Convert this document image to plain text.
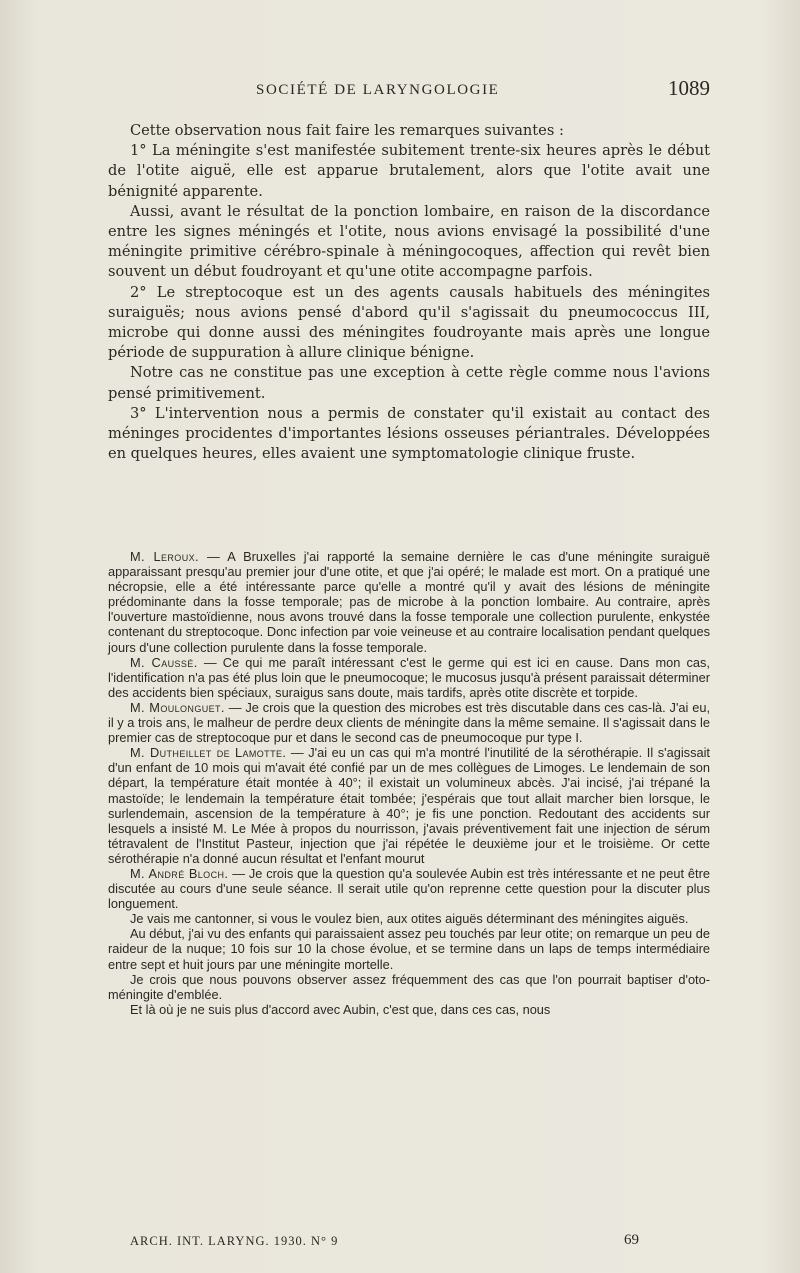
SOCIÉTÉ DE LARYNGOLOGIE	1089

Cette observation nous fait faire les remarques suivantes :

1° La méningite s'est manifestée subitement trente-six heures après le début de l'otite aiguë, elle est apparue brutalement, alors que l'otite avait une bénignité apparente.

Aussi, avant le résultat de la ponction lombaire, en raison de la discordance entre les signes méningés et l'otite, nous avions envisagé la possibilité d'une méningite primitive cérébro-spinale à méningocoques, affection qui revêt bien souvent un début foudroyant et qu'une otite accompagne parfois.

2° Le streptocoque est un des agents causals habituels des méningites suraiguës; nous avions pensé d'abord qu'il s'agissait du pneumococcus III, microbe qui donne aussi des méningites foudroyante mais après une longue période de suppuration à allure clinique bénigne.

Notre cas ne constitue pas une exception à cette règle comme nous l'avions pensé primitivement.

3° L'intervention nous a permis de constater qu'il existait au contact des méninges procidentes d'importantes lésions osseuses périantrales. Développées en quelques heures, elles avaient une symptomatologie clinique fruste.

M. Leroux. — A Bruxelles j'ai rapporté la semaine dernière le cas d'une méningite suraiguë apparaissant presqu'au premier jour d'une otite, et que j'ai opéré; le malade est mort. On a pratiqué une nécropsie, elle a été intéressante parce qu'elle a montré qu'il y avait des lésions de méningite prédominante dans la fosse temporale; pas de microbe à la ponction lombaire. Au contraire, après l'ouverture mastoïdienne, nous avons trouvé dans la fosse temporale une collection purulente, enkystée contenant du streptocoque. Donc infection par voie veineuse et au contraire localisation pendant quelques jours d'une collection purulente dans la fosse temporale.

M. Caussé. — Ce qui me paraît intéressant c'est le germe qui est ici en cause. Dans mon cas, l'identification n'a pas été plus loin que le pneumocoque; le mucosus jusqu'à présent paraissait déterminer des accidents bien spéciaux, suraigus sans doute, mais tardifs, après otite discrète et torpide.

M. Moulonguet. — Je crois que la question des microbes est très discutable dans ces cas-là. J'ai eu, il y a trois ans, le malheur de perdre deux clients de méningite dans la même semaine. Il s'agissait dans le premier cas de streptocoque pur et dans le second cas de pneumocoque pur type I.

M. Dutheillet de Lamotte. — J'ai eu un cas qui m'a montré l'inutilité de la sérothérapie. Il s'agissait d'un enfant de 10 mois qui m'avait été confié par un de mes collègues de Limoges. Le lendemain de son départ, la température était montée à 40°; il existait un volumineux abcès. J'ai incisé, j'ai trépané la mastoïde; le lendemain la température était tombée; j'espérais que tout allait marcher bien lorsque, le surlendemain, ascension de la température à 40°; je fis une ponction. Redoutant des accidents sur lesquels a insisté M. Le Mée à propos du nourrisson, j'avais préventivement fait une injection de sérum tétravalent de l'Institut Pasteur, injection que j'ai répétée le deuxième jour et le troisième. Or cette sérothérapie n'a donné aucun résultat et l'enfant mourut

M. André Bloch. — Je crois que la question qu'a soulevée Aubin est très intéressante et ne peut être discutée au cours d'une seule séance. Il serait utile qu'on reprenne cette question pour la discuter plus longuement.

Je vais me cantonner, si vous le voulez bien, aux otites aiguës déterminant des méningites aiguës.

Au début, j'ai vu des enfants qui paraissaient assez peu touchés par leur otite; on remarque un peu de raideur de la nuque; 10 fois sur 10 la chose évolue, et se termine dans un laps de temps intermédiaire entre sept et huit jours par une méningite mortelle.

Je crois que nous pouvons observer assez fréquemment des cas que l'on pourrait baptiser d'oto-méningite d'emblée.

Et là où je ne suis plus d'accord avec Aubin, c'est que, dans ces cas, nous

ARCH. INT. LARYNG. 1930. N° 9	69
